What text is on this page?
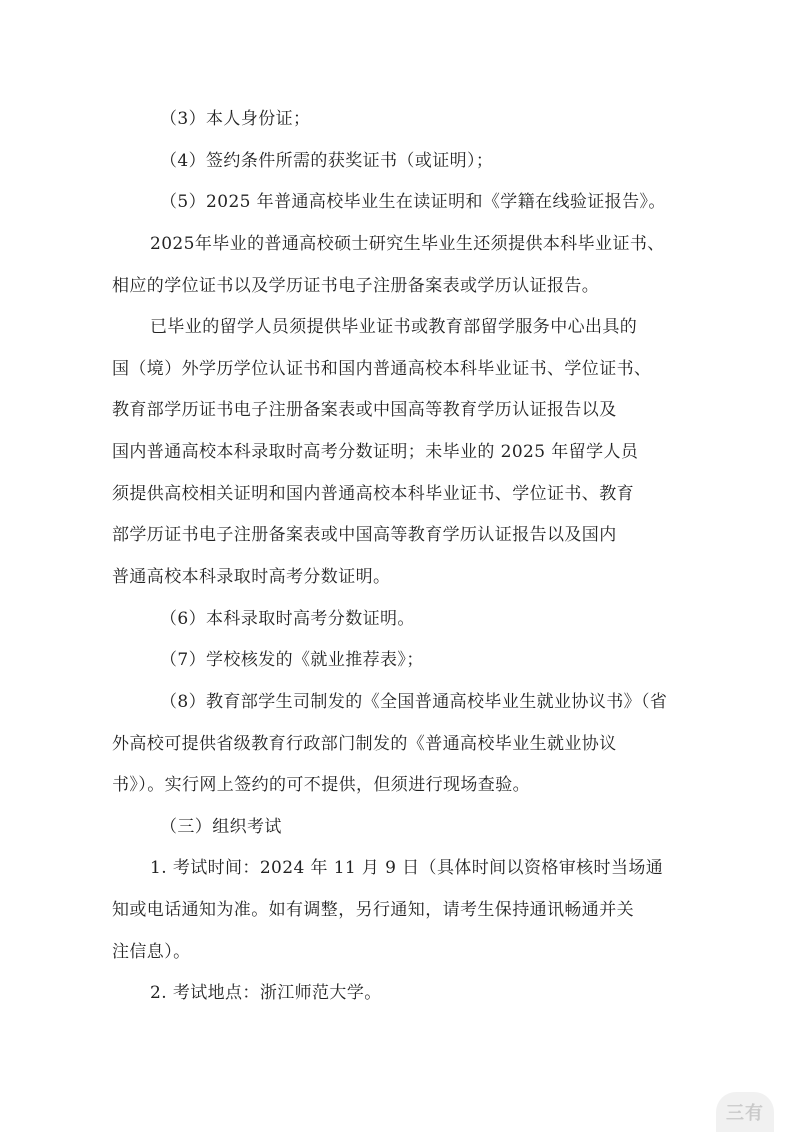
（3）本人身份证；
（4）签约条件所需的获奖证书（或证明）；
（5）2025 年普通高校毕业生在读证明和《学籍在线验证报告》。
2025年毕业的普通高校硕士研究生毕业生还须提供本科毕业证书、
相应的学位证书以及学历证书电子注册备案表或学历认证报告。
已毕业的留学人员须提供毕业证书或教育部留学服务中心出具的
国（境）外学历学位认证书和国内普通高校本科毕业证书、学位证书、
教育部学历证书电子注册备案表或中国高等教育学历认证报告以及
国内普通高校本科录取时高考分数证明；未毕业的 2025 年留学人员
须提供高校相关证明和国内普通高校本科毕业证书、学位证书、教育
部学历证书电子注册备案表或中国高等教育学历认证报告以及国内
普通高校本科录取时高考分数证明。
（6）本科录取时高考分数证明。
（7）学校核发的《就业推荐表》；
（8）教育部学生司制发的《全国普通高校毕业生就业协议书》（省
外高校可提供省级教育行政部门制发的《普通高校毕业生就业协议
书》）。实行网上签约的可不提供，但须进行现场查验。
（三）组织考试
1. 考试时间：2024 年 11 月 9 日（具体时间以资格审核时当场通
知或电话通知为准。如有调整，另行通知，请考生保持通讯畅通并关
注信息）。
2. 考试地点：浙江师范大学。
三有
